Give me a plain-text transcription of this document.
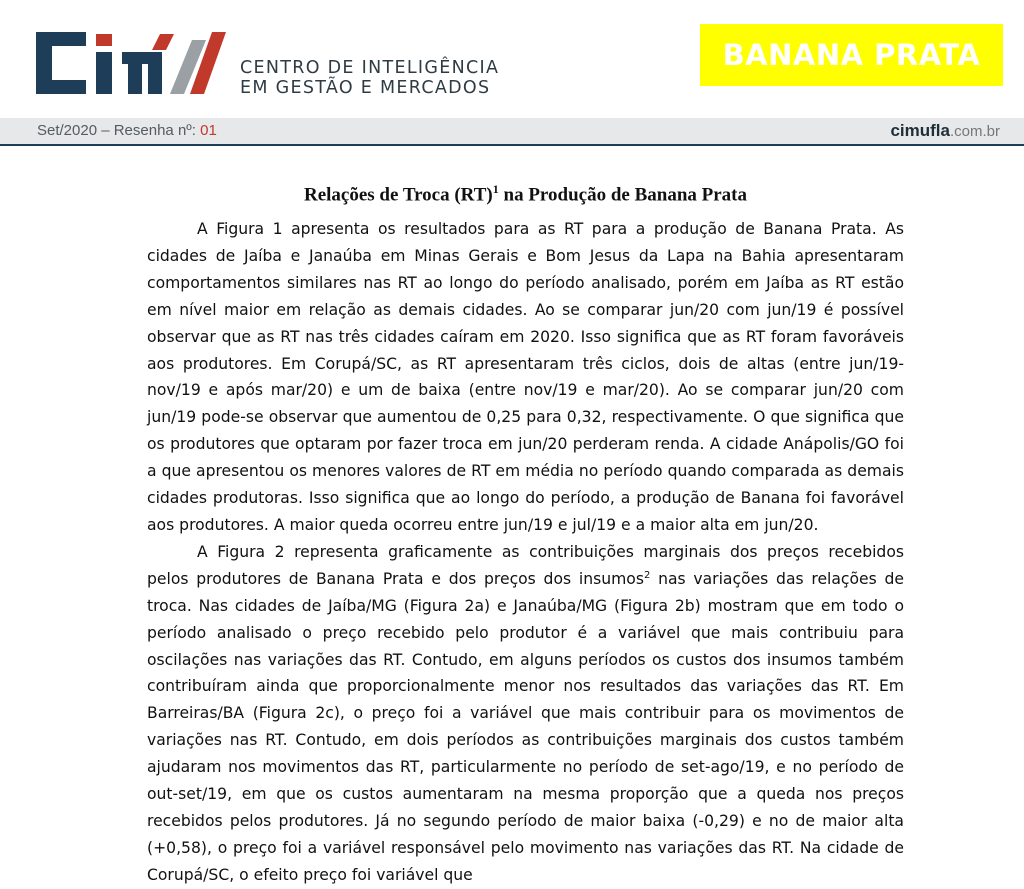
CENTRO DE INTELIGÊNCIA
EM GESTÃO E MERCADOS
BANANA PRATA
Set/2020 – Resenha nº: 01	cimufla.com.br
Relações de Troca (RT)$^1$ na Produção de Banana Prata

A Figura 1 apresenta os resultados para as RT para a produção de Banana Prata. As cidades de Jaíba e Janaúba em Minas Gerais e Bom Jesus da Lapa na Bahia apresentaram comportamentos similares nas RT ao longo do período analisado, porém em Jaíba as RT estão em nível maior em relação as demais cidades. Ao se comparar jun/20 com jun/19 é possível observar que as RT nas três cidades caíram em 2020. Isso significa que as RT foram favoráveis aos produtores. Em Corupá/SC, as RT apresentaram três ciclos, dois de altas (entre jun/19-nov/19 e após mar/20) e um de baixa (entre nov/19 e mar/20). Ao se comparar jun/20 com jun/19 pode-se observar que aumentou de 0,25 para 0,32, respectivamente. O que significa que os produtores que optaram por fazer troca em jun/20 perderam renda. A cidade Anápolis/GO foi a que apresentou os menores valores de RT em média no período quando comparada as demais cidades produtoras. Isso significa que ao longo do período, a produção de Banana foi favorável aos produtores. A maior queda ocorreu entre jun/19 e jul/19 e a maior alta em jun/20.

A Figura 2 representa graficamente as contribuições marginais dos preços recebidos pelos produtores de Banana Prata e dos preços dos insumos$^2$ nas variações das relações de troca. Nas cidades de Jaíba/MG (Figura 2a) e Janaúba/MG (Figura 2b) mostram que em todo o período analisado o preço recebido pelo produtor é a variável que mais contribuiu para oscilações nas variações das RT. Contudo, em alguns períodos os custos dos insumos também contribuíram ainda que proporcionalmente menor nos resultados das variações das RT. Em Barreiras/BA (Figura 2c), o preço foi a variável que mais contribuir para os movimentos de variações nas RT. Contudo, em dois períodos as contribuições marginais dos custos também ajudaram nos movimentos das RT, particularmente no período de set-ago/19, e no período de out-set/19, em que os custos aumentaram na mesma proporção que a queda nos preços recebidos pelos produtores. Já no segundo período de maior baixa (-0,29) e no de maior alta (+0,58), o preço foi a variável responsável pelo movimento nas variações das RT. Na cidade de Corupá/SC, o efeito preço foi variável que
